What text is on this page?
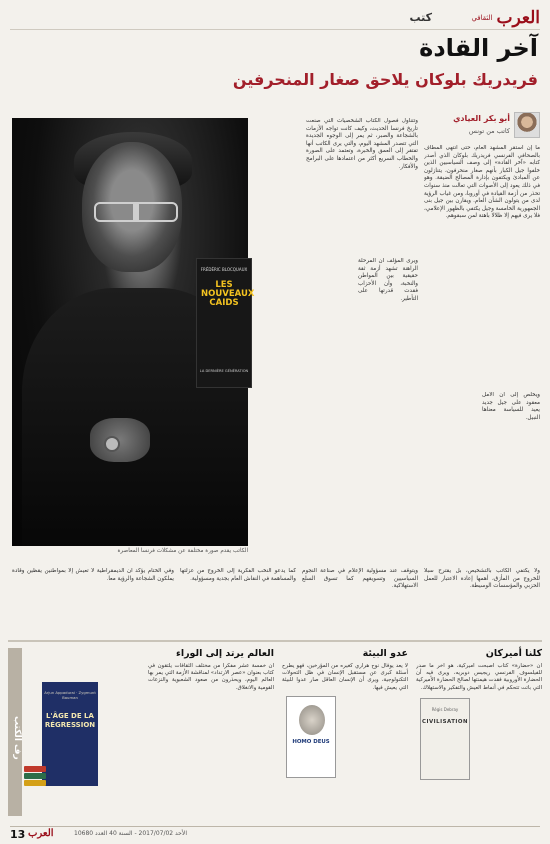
العرب
الثقافي
كتب
آخر القادة
فريدريك بلوكان يلاحق صغار المنحرفين
أبو بكر العيادي
كاتب من تونس
ما إن استقر المشهد العام، حتى انتهى المطاف بالصحافي الفرنسي فريدريك بلوكان الذي أصدر كتابه «آخر القادة» إلى وصف السياسيين الذين خلفوا جيل الكبار بأنهم صغار منحرفون، يتنازلون عن المبادئ ويكتفون بإدارة المصالح الضيقة. وهو في ذلك يعود إلى الأصوات التي تعالت منذ سنوات تحذر من أزمة القيادة في أوروبا، ومن غياب الرؤية لدى من يتولون الشأن العام. ويقارن بين جيل بنى الجمهورية الخامسة وجيل يكتفي بالظهور الإعلامي، فلا يرى فيهم إلا ظلالا باهتة لمن سبقوهم.
وتتناول فصول الكتاب الشخصيات التي صنعت تاريخ فرنسا الحديث، وكيف كانت تواجه الأزمات بالشجاعة والصبر، ثم يمر إلى الوجوه الجديدة التي تتصدر المشهد اليوم، والتي يرى الكاتب أنها تفتقر إلى العمق والخبرة، وتعتمد على الصورة والخطاب السريع أكثر من اعتمادها على البرامج والأفكار.
ويرى المؤلف أن المرحلة الراهنة تشهد أزمة ثقة حقيقية بين المواطن والنخبة، وأن الأحزاب فقدت قدرتها على التأطير.
الكاتب يقدم صورة مختلفة عن مشكلات فرنسا المعاصرة
FRÉDÉRIC BLOCQUAUX
LES NOUVEAUX CAIDS
LA DERNIÈRE GÉNÉRATION
ويخلص إلى أن الأمل معقود على جيل جديد يعيد للسياسة معناها النبيل.
ولا يكتفي الكاتب بالتشخيص، بل يقترح سبلا للخروج من المأزق، أهمها إعادة الاعتبار للعمل الحزبي والمؤسسات الوسيطة.
ويتوقف عند مسؤولية الإعلام في صناعة النجوم السياسيين وتسويقهم كما تسوق السلع الاستهلاكية.
كما يدعو النخب الفكرية إلى الخروج من عزلتها والمساهمة في النقاش العام بجدية ومسؤولية.
وفي الختام يؤكد أن الديمقراطية لا تعيش إلا بمواطنين يقظين وقادة يملكون الشجاعة والرؤية معا.
كلنا أميركان
أن «حضارة» كتاب أصبحت أميركية، هو آخر ما صدر للفيلسوف الفرنسي ريجيس دوبريه، ويرى فيه أن الحضارة الأوروبية فقدت هيمنتها لصالح الحضارة الأميركية التي باتت تتحكم في أنماط العيش والتفكير والاستهلاك.
Régis Debray
CIVILISATION
عدو البيئة
لا يعد يوفال نوح هراري كغيره من المؤرخين، فهو يطرح أسئلة كبرى عن مستقبل الإنسان في ظل التحولات التكنولوجية، ويرى أن الإنسان العاقل صار عدوا للبيئة التي يعيش فيها.
HOMO DEUS
العالم يرتد إلى الوراء
أن خمسة عشر مفكرا من مختلف الثقافات يلتقون في كتاب بعنوان «عصر الارتداد» لمناقشة الأزمة التي يمر بها العالم اليوم، ويحذرون من صعود الشعبوية والنزعات القومية والانغلاق.
رف الكتب
Arjun Appadurai · Zygmunt Bauman
L'ÂGE DE LA RÉGRESSION
13 العرب	الأحد 2017/07/02 - السنة 40 العدد 10680
